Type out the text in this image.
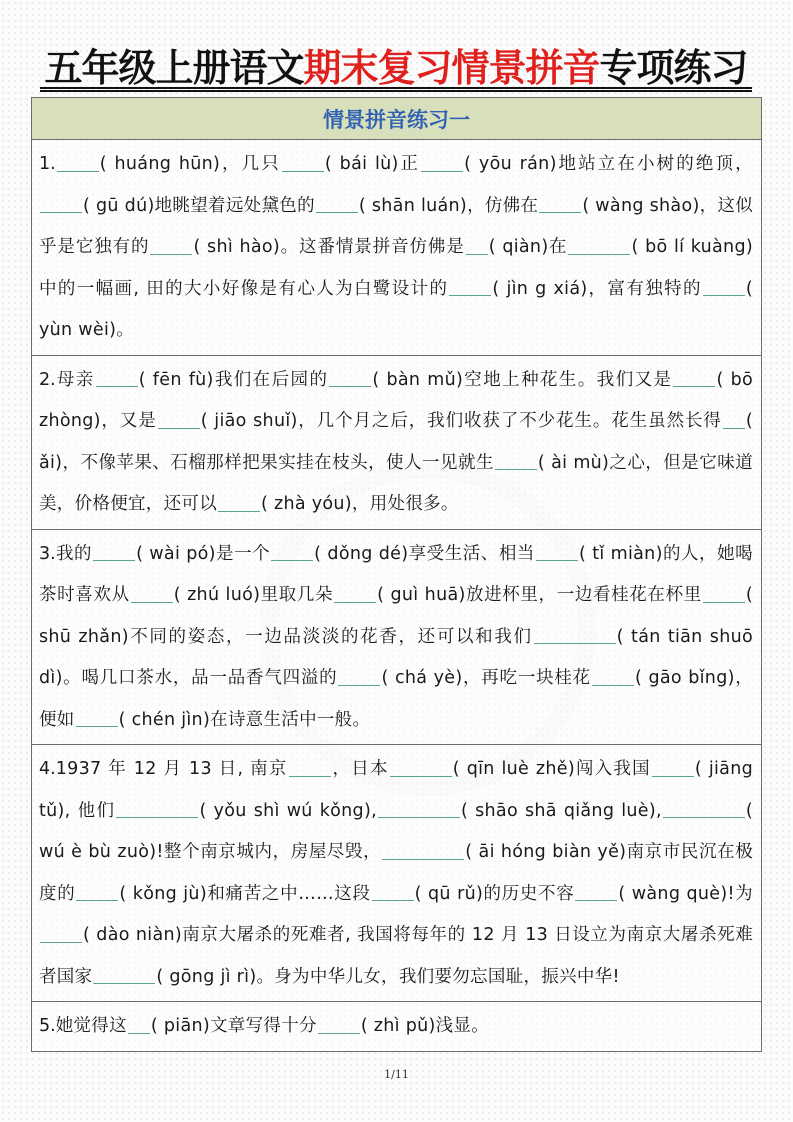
五年级上册语文期末复习情景拼音专项练习
情景拼音练习一
1.	( huáng hūn)，几只	( bái lù)正	( yōu rán)地站立在小树的绝顶，( gū dú)地眺望着远处黛色的	( shān luán)，仿佛在	( wàng shào)，这似乎是它独有的	( shì hào)。这番情景拼音仿佛是 ( qiàn)在	( bō lí kuàng)中的一幅画, 田的大小好像是有心人为白鹭设计的	( jìn g xiá)，富有独特的	( yùn wèi)。
2.母亲	( fēn fù)我们在后园的	( bàn mǔ)空地上种花生。我们又是	( bō zhòng)，又是	( jiāo shuǐ)，几个月之后，我们收获了不少花生。花生虽然长得 ( ǎi)，不像苹果、石榴那样把果实挂在枝头，使人一见就生	( ài mù)之心，但是它味道美，价格便宜，还可以	( zhà yóu)，用处很多。
3.我的	( wài pó)是一个	( dǒng dé)享受生活、相当	( tǐ miàn)的人，她喝茶时喜欢从	( zhú luó)里取几朵	( guì huā)放进杯里，一边看桂花在杯里	( shū zhǎn)不同的姿态，一边品淡淡的花香，还可以和我们	( tán tiān shuō dì)。喝几口茶水，品一品香气四溢的	( chá yè)，再吃一块桂花	( gāo bǐng)，便如	( chén jìn)在诗意生活中一般。
4.1937 年 12 月 13 日, 南京	，日本	( qīn luè zhě)闯入我国	( jiāng tǔ), 他们	( yǒu shì wú kǒng),	( shāo shā qiǎng luè),	( wú è bù zuò)!整个南京城内，房屋尽毁，	( āi hóng biàn yě)南京市民沉在极度的	( kǒng jù)和痛苦之中……这段	( qū rǔ)的历史不容	( wàng què)!为( dào niàn)南京大屠杀的死难者, 我国将每年的 12 月 13 日设立为南京大屠杀死难者国家	( gōng jì rì)。身为中华儿女，我们要勿忘国耻，振兴中华!
5.她觉得这 ( piān)文章写得十分	( zhì pǔ)浅显。
1/11
